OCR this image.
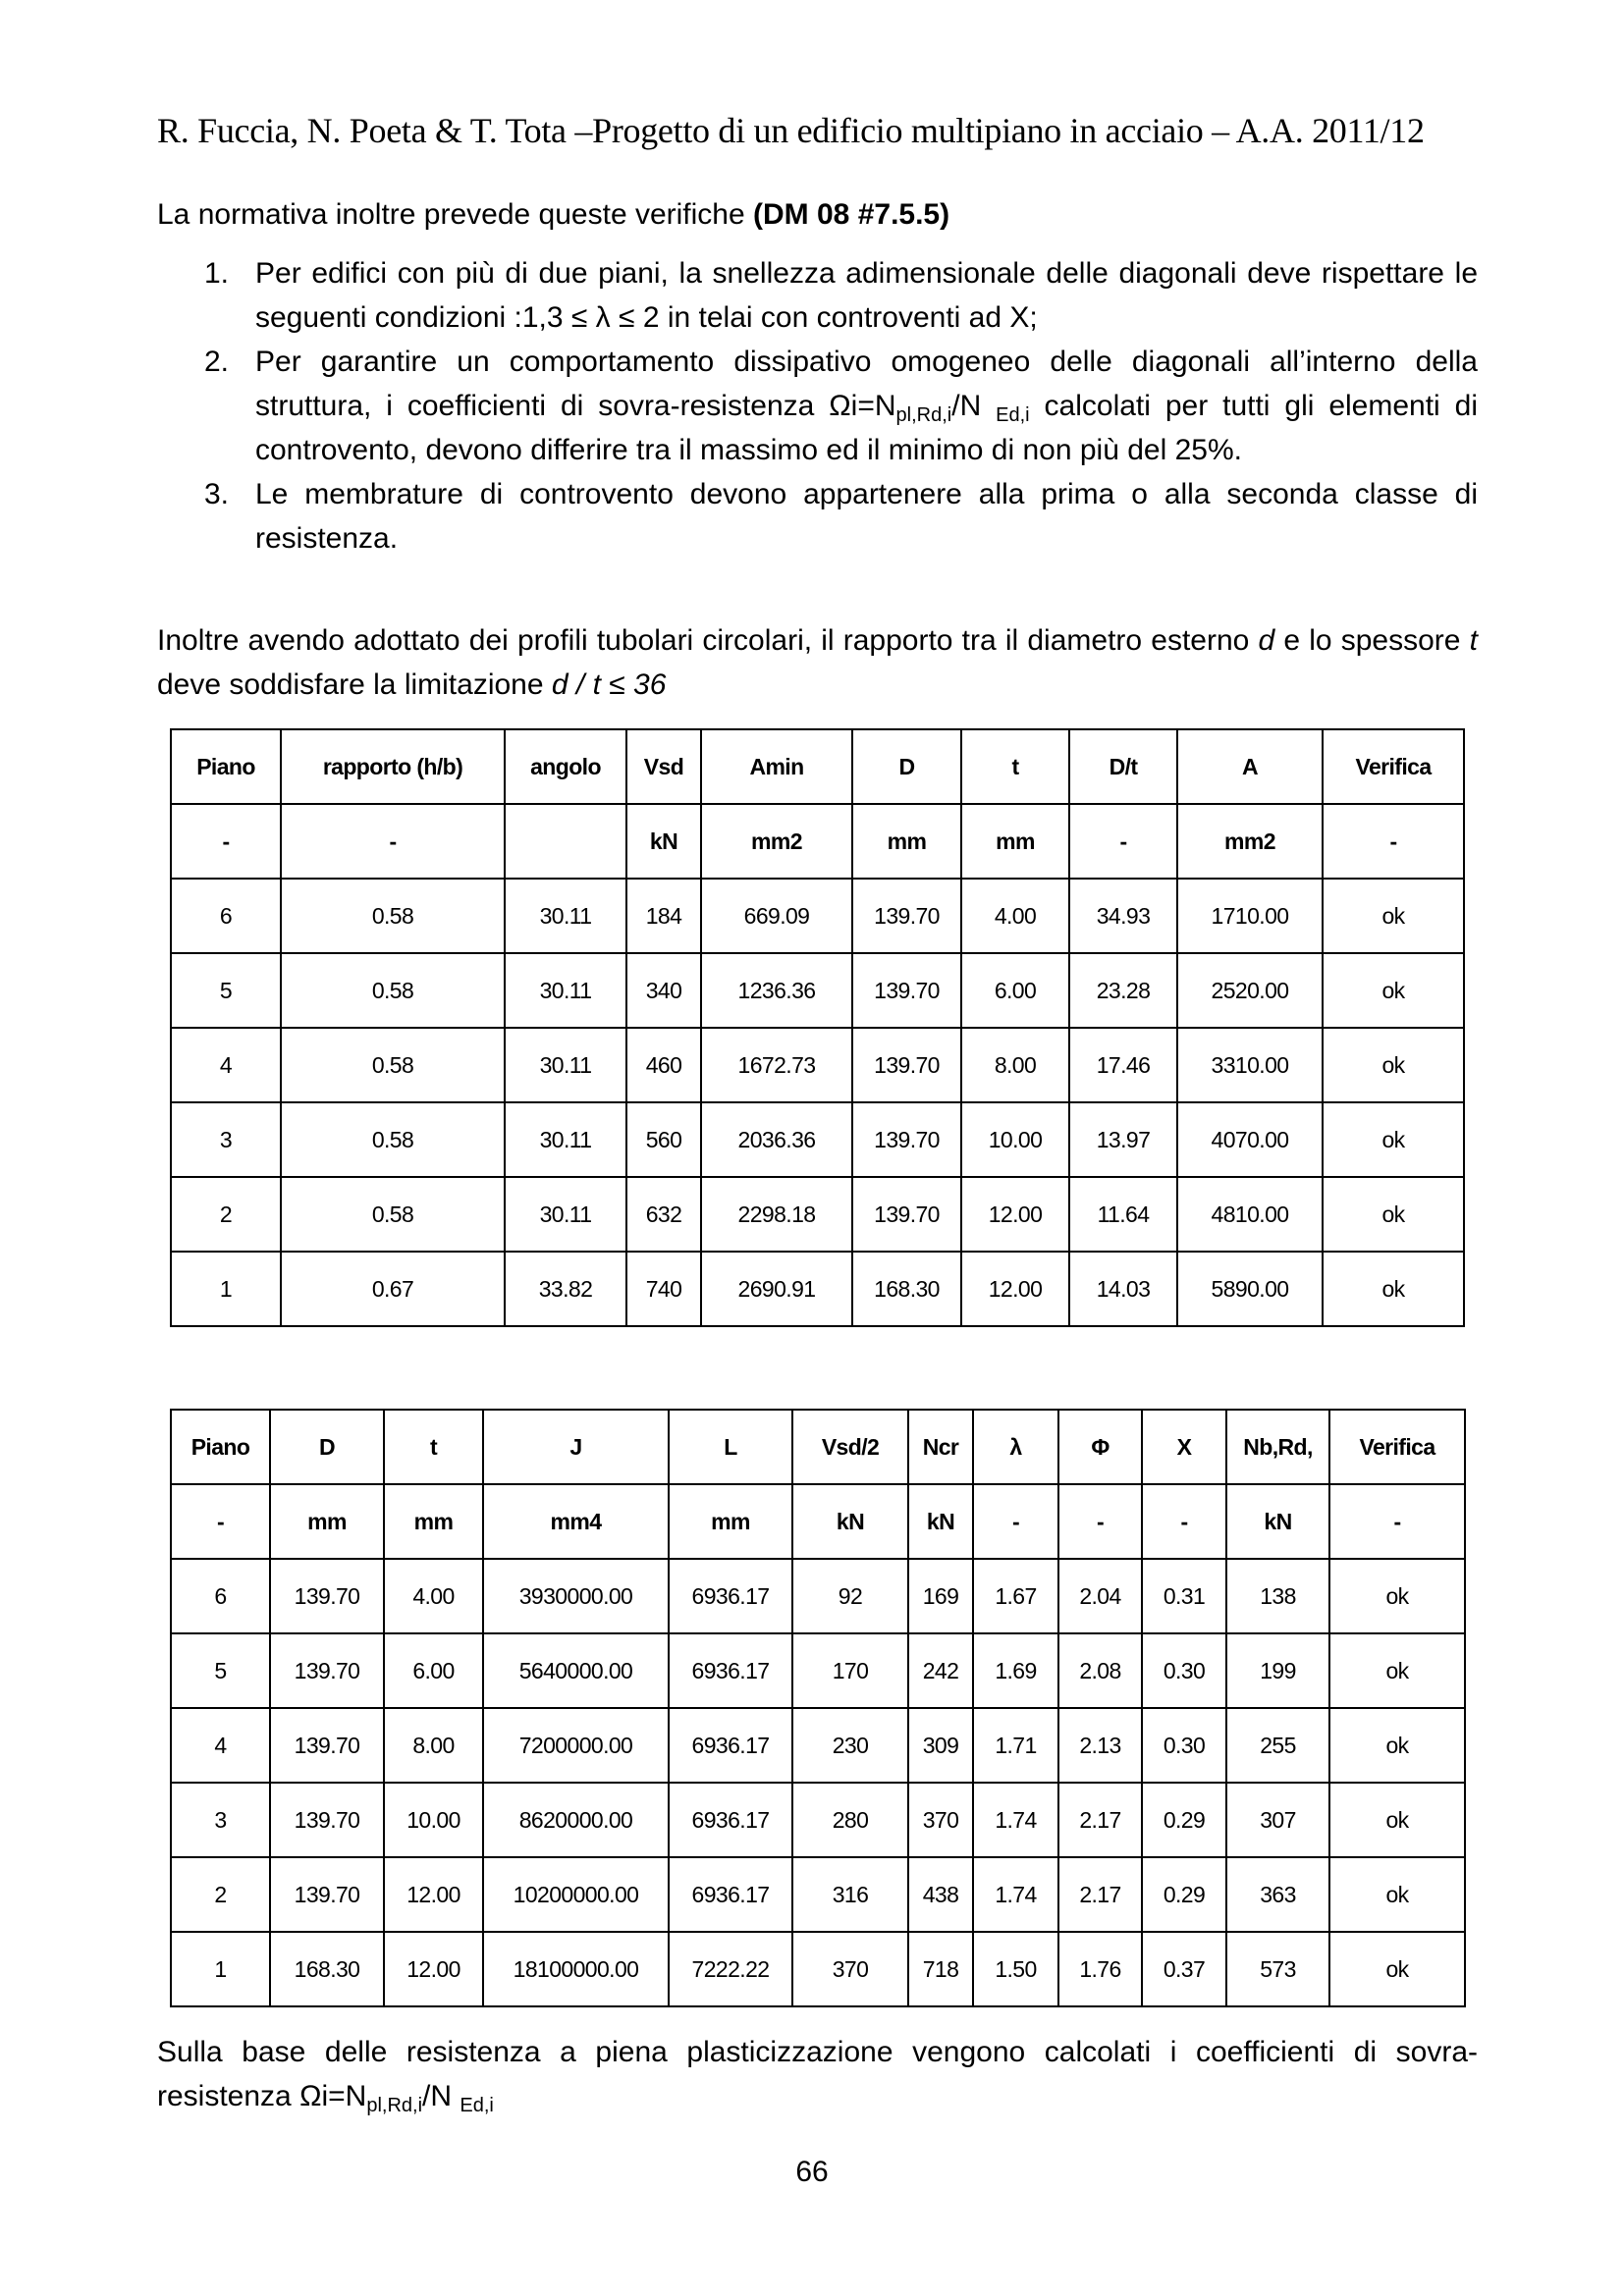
R. Fuccia, N. Poeta & T. Tota –Progetto di un edificio multipiano in acciaio – A.A. 2011/12
La normativa inoltre prevede queste verifiche (DM 08 #7.5.5)
1. Per edifici con più di due piani, la snellezza adimensionale delle diagonali deve rispettare le seguenti condizioni :1,3 ≤ λ ≤ 2 in telai con controventi ad X;
2. Per garantire un comportamento dissipativo omogeneo delle diagonali all’interno della struttura, i coefficienti di sovra-resistenza $\Omega i=N_{pl,Rd,i}/N$ $_{Ed,i}$ calcolati per tutti gli elementi di controvento, devono differire tra il massimo ed il minimo di non più del 25%.
3. Le membrature di controvento devono appartenere alla prima o alla seconda classe di resistenza.
Inoltre avendo adottato dei profili tubolari circolari, il rapporto tra il diametro esterno d e lo spessore t deve soddisfare la limitazione d / t ≤ 36
Piano	rapporto (h/b)	angolo	Vsd	Amin	D	t	D/t	A	Verifica
-	-		kN	mm2	mm	mm	-	mm2	-
6	0.58	30.11	184	669.09	139.70	4.00	34.93	1710.00	ok
5	0.58	30.11	340	1236.36	139.70	6.00	23.28	2520.00	ok
4	0.58	30.11	460	1672.73	139.70	8.00	17.46	3310.00	ok
3	0.58	30.11	560	2036.36	139.70	10.00	13.97	4070.00	ok
2	0.58	30.11	632	2298.18	139.70	12.00	11.64	4810.00	ok
1	0.67	33.82	740	2690.91	168.30	12.00	14.03	5890.00	ok
Piano	D	t	J	L	Vsd/2	Ncr	λ	Φ	X	Nb,Rd,	Verifica
-	mm	mm	mm4	mm	kN	kN	-	-	-	kN	-
6	139.70	4.00	3930000.00	6936.17	92	169	1.67	2.04	0.31	138	ok
5	139.70	6.00	5640000.00	6936.17	170	242	1.69	2.08	0.30	199	ok
4	139.70	8.00	7200000.00	6936.17	230	309	1.71	2.13	0.30	255	ok
3	139.70	10.00	8620000.00	6936.17	280	370	1.74	2.17	0.29	307	ok
2	139.70	12.00	10200000.00	6936.17	316	438	1.74	2.17	0.29	363	ok
1	168.30	12.00	18100000.00	7222.22	370	718	1.50	1.76	0.37	573	ok
Sulla base delle resistenza a piena plasticizzazione vengono calcolati i coefficienti di sovra-resistenza $\Omega i=N_{pl,Rd,i}/N$ $_{Ed,i}$
66
